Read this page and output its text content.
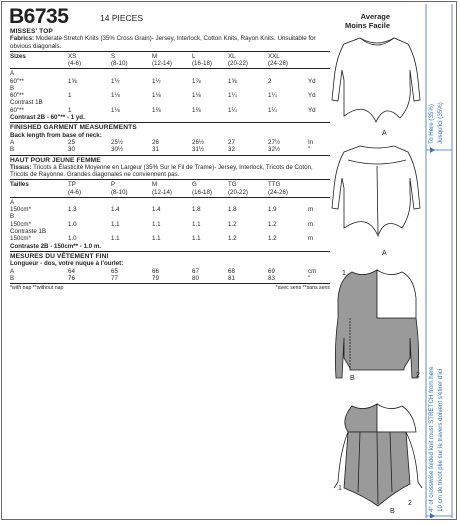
B6735	14 PIECES	Average
Moins Facile
MISSES' TOP
Fabrics: Moderate Stretch Knits (35% Cross Grain)- Jersey, Interlock, Cotton Knits, Rayon Knits. Unsuitable for obvious diagonals.
Sizes	XS	S	M	L	XL	XXL
(4-6)	(8-10)	(12-14)	(16-18)	(20-22)	(24-26)
A
60"**	1⅝	1½	1½	1⅞	1⅝	2	Yd
B
60"**	1	1⅛	1⅛	1⅛	1¼	1¼	Yd
Contrast 1B
60"**	1	1⅛	1⅛	1⅛	1¼	1¼	Yd
Contrast 2B - 60"** - 1 yd.
FINISHED GARMENT MEASUREMENTS
Back length from base of neck:
A	25	25½	26	26½	27	27½	In
B	30	30½	31	31½	32	32½	"
HAUT POUR JEUNE FEMME
Tissus: Tricots à Élasticité Moyenne en Largeur (35% Sur le Fil de Trame)- Jersey, Interlock, Tricots de Coton, Tricots de Rayonne. Grandes diagonales ne conviennent pas.
Tailles	TP	P	M	G	TG	TTG
(4-6)	(8-10)	(12-14)	(16-18)	(20-22)	(24-26)
A
150cm*	1.3	1.4	1.4	1.8	1.8	1.9	m
B
150cm*	1.0	1.1	1.1	1.1	1.2	1.2	m
Contraste 1B
150cm*	1.0	1.1	1.1	1.1	1.2	1.2	m
Contraste 2B - 150cm** - 1.0 m.
MESURES DU VÊTEMENT FINI
Longueur - dos, votre nuque à l'ourlet:
A	64	65	66	67	68	69	cm
B	76	77	79	80	81	83	"
*with nap **without nap	*avec sens **sans sens
A
A
B
B
1
2
1
2
To Here (35%) Jusqu'ici (35%)
4" of crosswise folded knit must STRETCH from here 10 cm de tricot plié sur le travers doivent s'étirer d'ici
